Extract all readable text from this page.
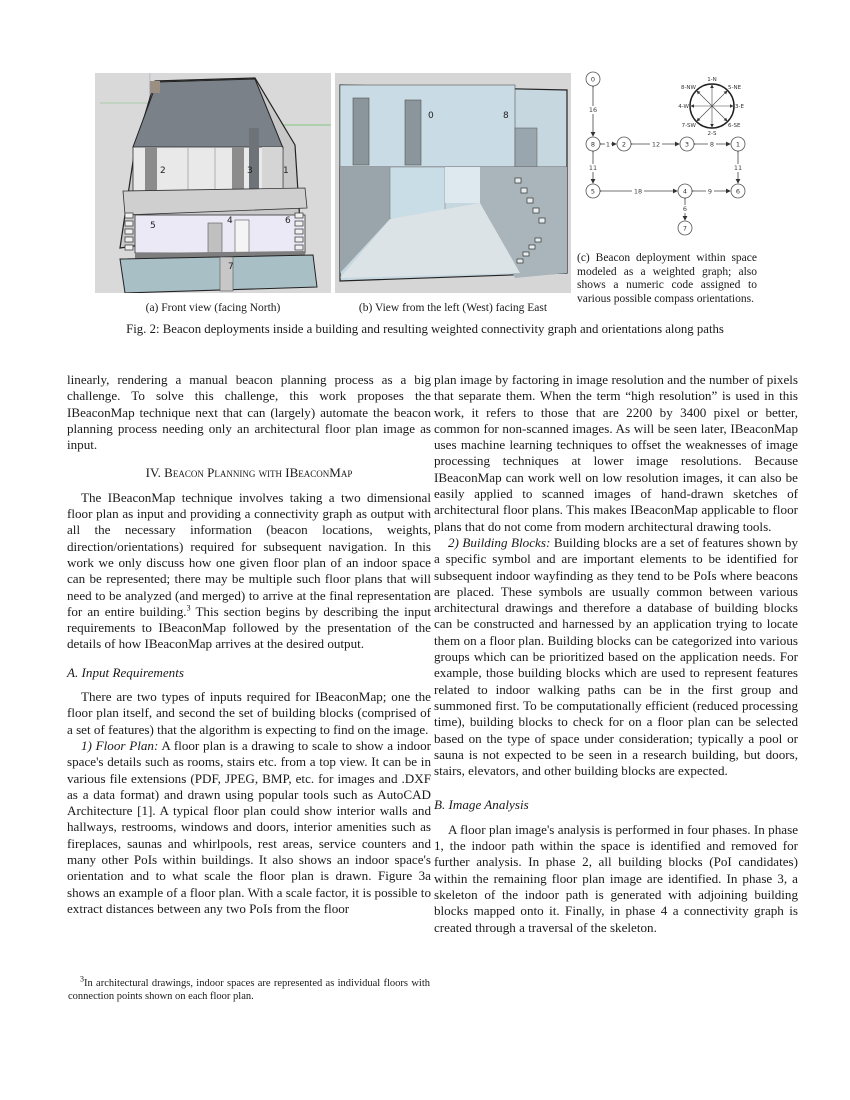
2	3	1
5	4	6
7
0	8
16
1	12	8
11	11
18	9
6
0
8	2	3	1
5	4	6
7
1-N
2-S
3-E
4-W
5-NE
6-SE
7-SW
8-NW
(a) Front view (facing North)	(b) View from the left (West) facing East
(c) Beacon deployment within space modeled as a weighted graph; also shows a numeric code assigned to various possible compass orientations.
Fig. 2: Beacon deployments inside a building and resulting weighted connectivity graph and orientations along paths

linearly, rendering a manual beacon planning process as a big challenge. To solve this challenge, this work proposes the IBeaconMap technique next that can (largely) automate the beacon planning process needing only an architectural floor plan image as input.

IV. Beacon Planning with IBeaconMap

The IBeaconMap technique involves taking a two dimensional floor plan as input and providing a connectivity graph as output with all the necessary information (beacon locations, weights, direction/orientations) required for subsequent navigation. In this work we only discuss how one given floor plan of an indoor space can be represented; there may be multiple such floor plans that will need to be analyzed (and merged) to arrive at the final representation for an entire building.$^3$ This section begins by describing the input requirements to IBeaconMap followed by the presentation of the details of how IBeaconMap arrives at the desired output.

A. Input Requirements

There are two types of inputs required for IBeaconMap; one the floor plan itself, and second the set of building blocks (comprised of a set of features) that the algorithm is expecting to find on the image.

1) Floor Plan: A floor plan is a drawing to scale to show a indoor space's details such as rooms, stairs etc. from a top view. It can be in various file extensions (PDF, JPEG, BMP, etc. for images and .DXF as a data format) and drawn using popular tools such as AutoCAD Architecture [1]. A typical floor plan could show interior walls and hallways, restrooms, windows and doors, interior amenities such as fireplaces, saunas and whirlpools, rest areas, service counters and many other PoIs within buildings. It also shows an indoor space's orientation and to what scale the floor plan is drawn. Figure 3a shows an example of a floor plan. With a scale factor, it is possible to extract distances between any two PoIs from the floor

$^3$In architectural drawings, indoor spaces are represented as individual floors with connection points shown on each floor plan.

plan image by factoring in image resolution and the number of pixels that separate them. When the term “high resolution” is used in this work, it refers to those that are 2200 by 3400 pixel or better, common for non-scanned images. As will be seen later, IBeaconMap uses machine learning techniques to offset the weaknesses of image processing techniques at lower image resolutions. Because IBeaconMap can work well on low resolution images, it can also be easily applied to scanned images of hand-drawn sketches of architectural floor plans. This makes IBeaconMap applicable to floor plans that do not come from modern architectural drawing tools.

2) Building Blocks: Building blocks are a set of features shown by a specific symbol and are important elements to be identified for subsequent indoor wayfinding as they tend to be PoIs where beacons are placed. These symbols are usually common between various architectural drawings and therefore a database of building blocks can be constructed and harnessed by an application trying to locate them on a floor plan. Building blocks can be categorized into various groups which can be prioritized based on the application needs. For example, those building blocks which are used to represent features related to indoor walking paths can be in the first group and summoned first. To be computationally efficient (reduced processing time), building blocks to check for on a floor plan can be selected based on the type of space under consideration; typically a pool or sauna is not expected to be seen in a research building, but doors, stairs, elevators, and other building blocks are expected.

B. Image Analysis

A floor plan image's analysis is performed in four phases. In phase 1, the indoor path within the space is identified and removed for further analysis. In phase 2, all building blocks (PoI candidates) within the remaining floor plan image are identified. In phase 3, a skeleton of the indoor path is generated with adjoining building blocks mapped onto it. Finally, in phase 4 a connectivity graph is created through a traversal of the skeleton.
